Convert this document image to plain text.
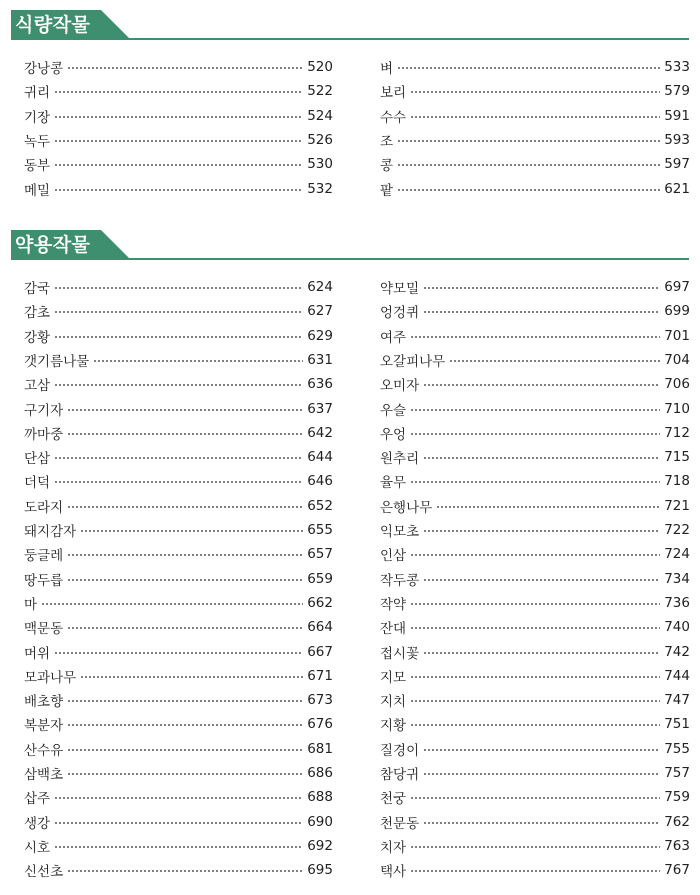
식량작물
강낭콩	520
귀리	522
기장	524
녹두	526
동부	530
메밀	532
벼	533
보리	579
수수	591
조	593
콩	597
팥	621
약용작물
감국	624
감초	627
강황	629
갯기름나물	631
고삼	636
구기자	637
까마중	642
단삼	644
더덕	646
도라지	652
돼지감자	655
둥글레	657
땅두릅	659
마	662
맥문동	664
머위	667
모과나무	671
배초향	673
복분자	676
산수유	681
삼백초	686
삽주	688
생강	690
시호	692
신선초	695
약모밀	697
엉겅퀴	699
여주	701
오갈피나무	704
오미자	706
우슬	710
우엉	712
원추리	715
율무	718
은행나무	721
익모초	722
인삼	724
작두콩	734
작약	736
잔대	740
접시꽃	742
지모	744
지치	747
지황	751
질경이	755
참당귀	757
천궁	759
천문동	762
치자	763
택사	767
